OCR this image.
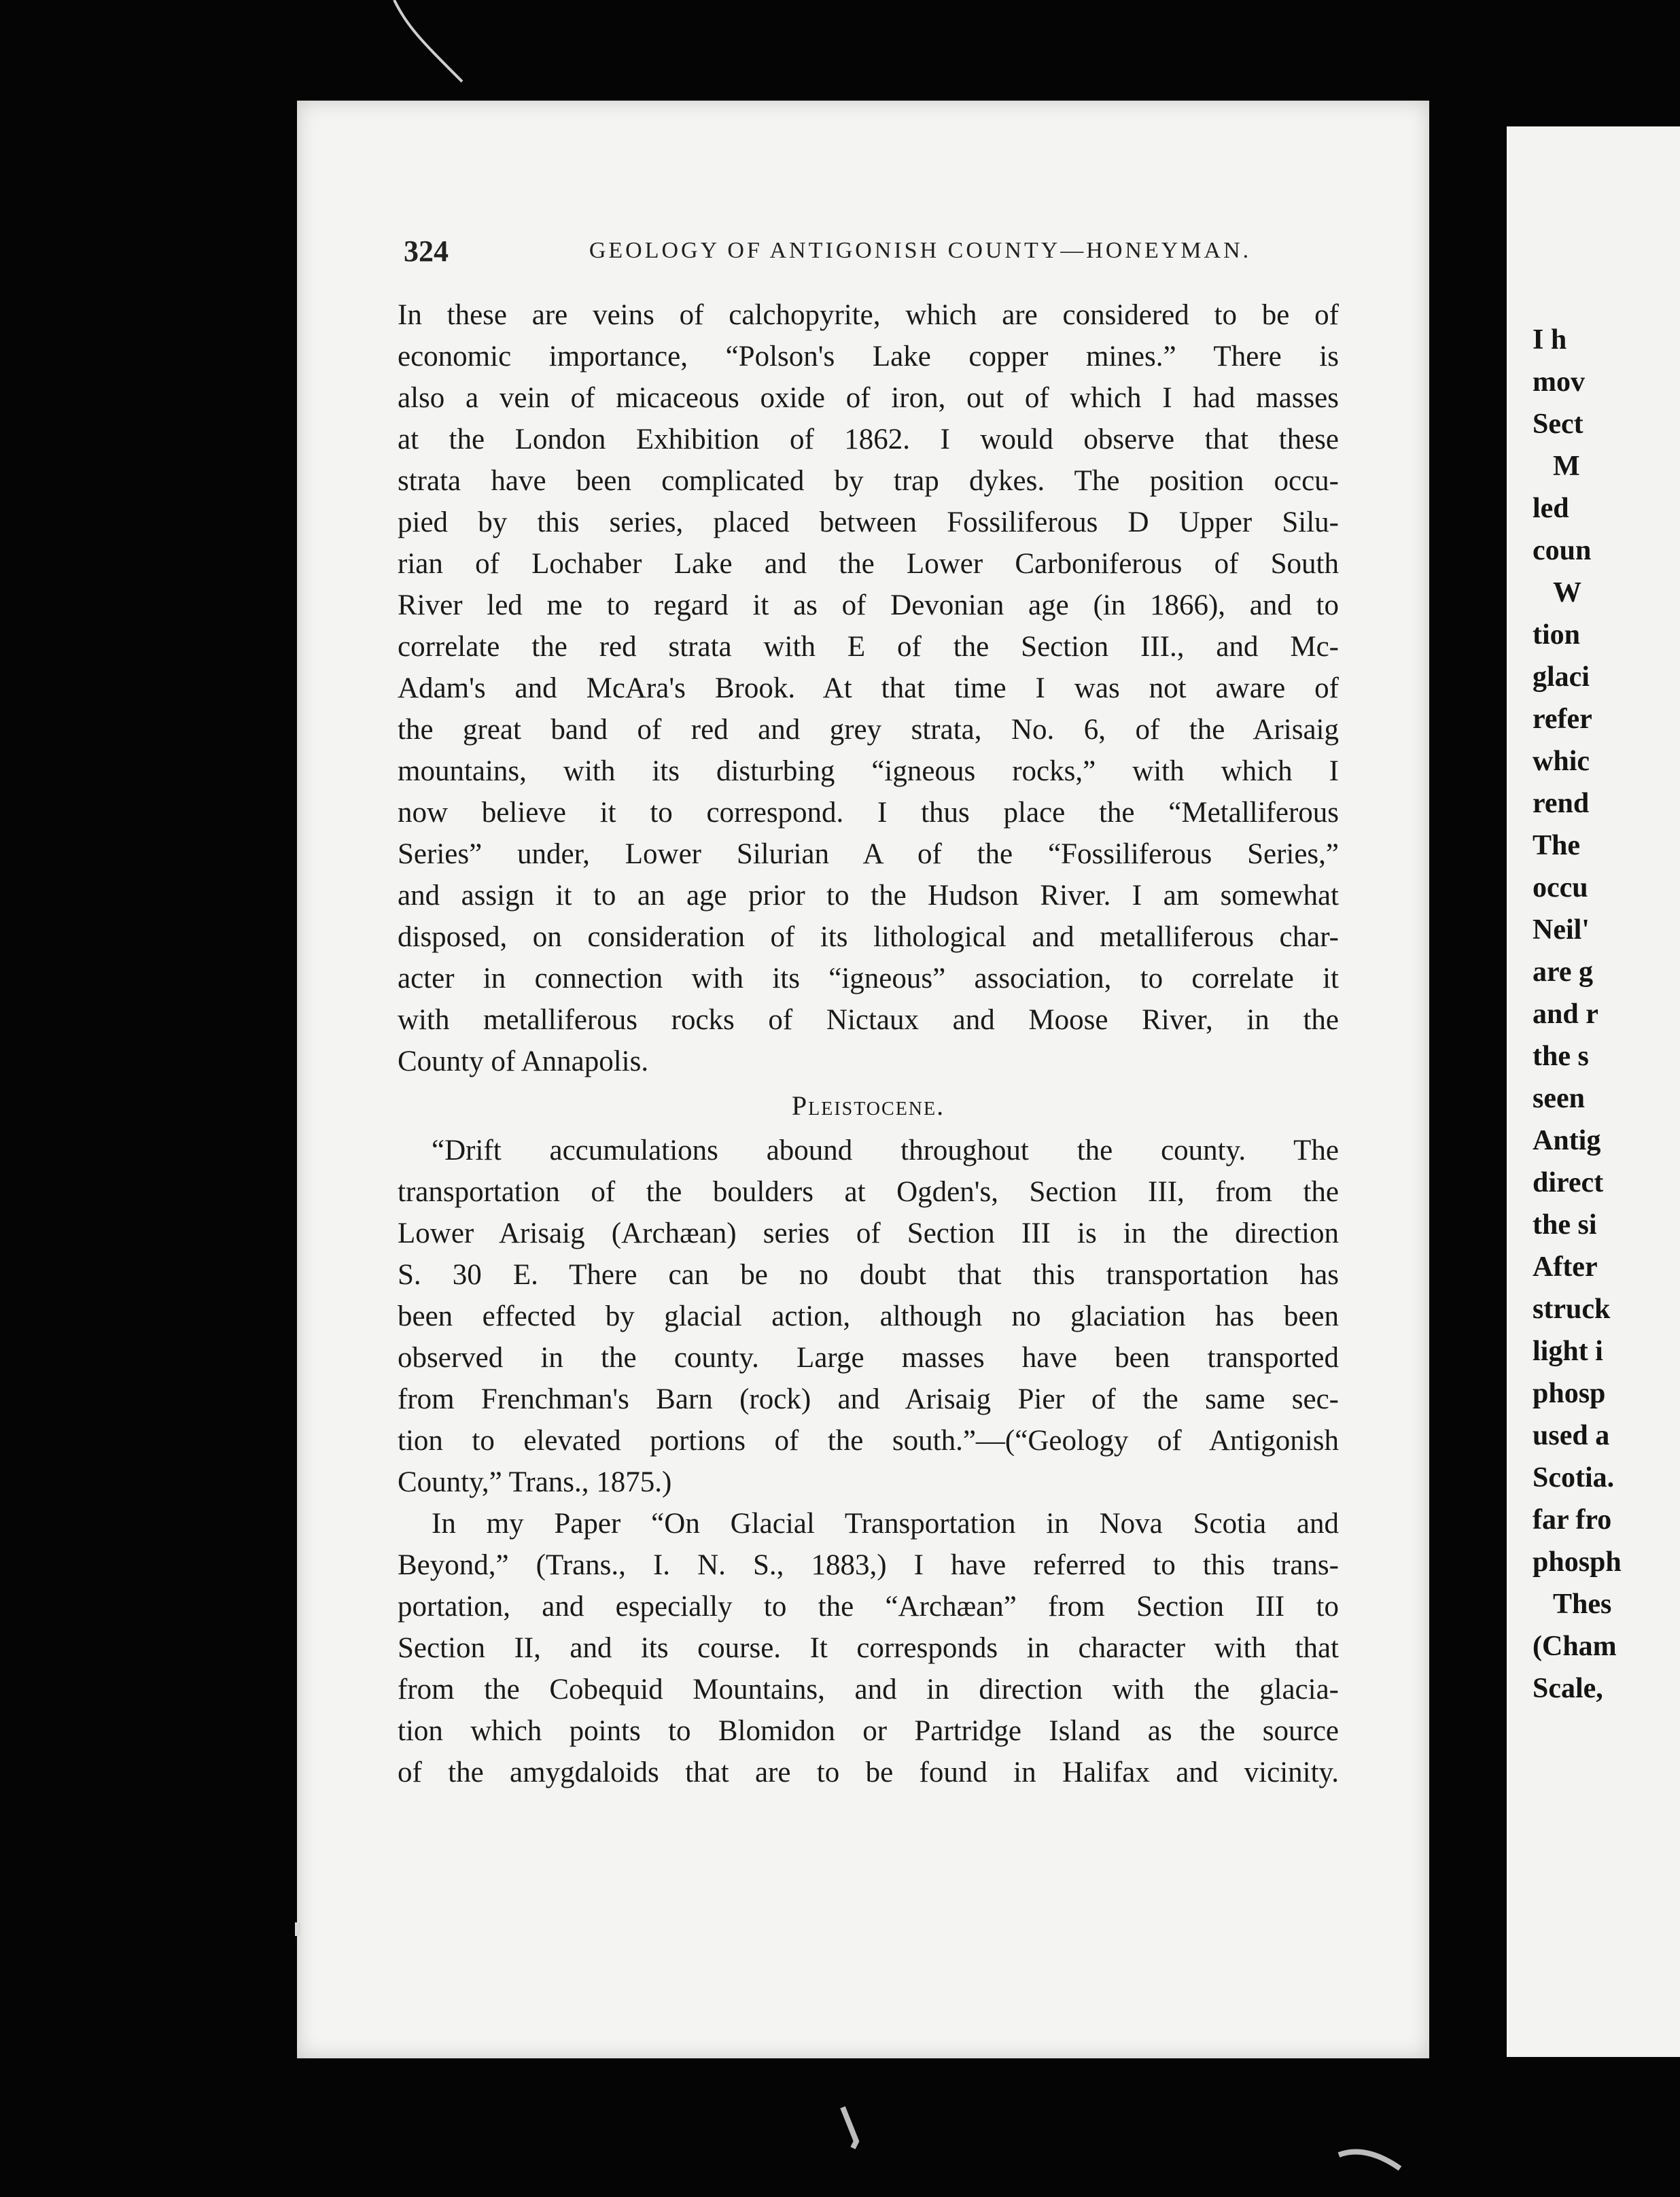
324	GEOLOGY OF ANTIGONISH COUNTY—HONEYMAN.
In these are veins of calchopyrite, which are considered to be of
economic importance, “Polson's Lake copper mines.” There is
also a vein of micaceous oxide of iron, out of which I had masses
at the London Exhibition of 1862. I would observe that these
strata have been complicated by trap dykes. The position occu-
pied by this series, placed between Fossiliferous D Upper Silu-
rian of Lochaber Lake and the Lower Carboniferous of South
River led me to regard it as of Devonian age (in 1866), and to
correlate the red strata with E of the Section III., and Mc-
Adam's and McAra's Brook. At that time I was not aware of
the great band of red and grey strata, No. 6, of the Arisaig
mountains, with its disturbing “igneous rocks,” with which I
now believe it to correspond. I thus place the “Metalliferous
Series” under, Lower Silurian A of the “Fossiliferous Series,”
and assign it to an age prior to the Hudson River. I am somewhat
disposed, on consideration of its lithological and metalliferous char-
acter in connection with its “igneous” association, to correlate it
with metalliferous rocks of Nictaux and Moose River, in the
County of Annapolis.
Pleistocene.
“Drift accumulations abound throughout the county. The
transportation of the boulders at Ogden's, Section III, from the
Lower Arisaig (Archæan) series of Section III is in the direction
S. 30 E. There can be no doubt that this transportation has
been effected by glacial action, although no glaciation has been
observed in the county. Large masses have been transported
from Frenchman's Barn (rock) and Arisaig Pier of the same sec-
tion to elevated portions of the south.”—(“Geology of Antigonish
County,” Trans., 1875.)
In my Paper “On Glacial Transportation in Nova Scotia and
Beyond,” (Trans., I. N. S., 1883,) I have referred to this trans-
portation, and especially to the “Archæan” from Section III to
Section II, and its course. It corresponds in character with that
from the Cobequid Mountains, and in direction with the glacia-
tion which points to Blomidon or Partridge Island as the source
of the amygdaloids that are to be found in Halifax and vicinity.
I h
mov
Sect
M
led
coun
W
tion
glaci
refer
whic
rend
The
occu
Neil'
are g
and r
the s
seen
Antig
direct
the si
After
struck
light i
phosp
used a
Scotia.
far fro
phosph
Thes
(Cham
Scale,
